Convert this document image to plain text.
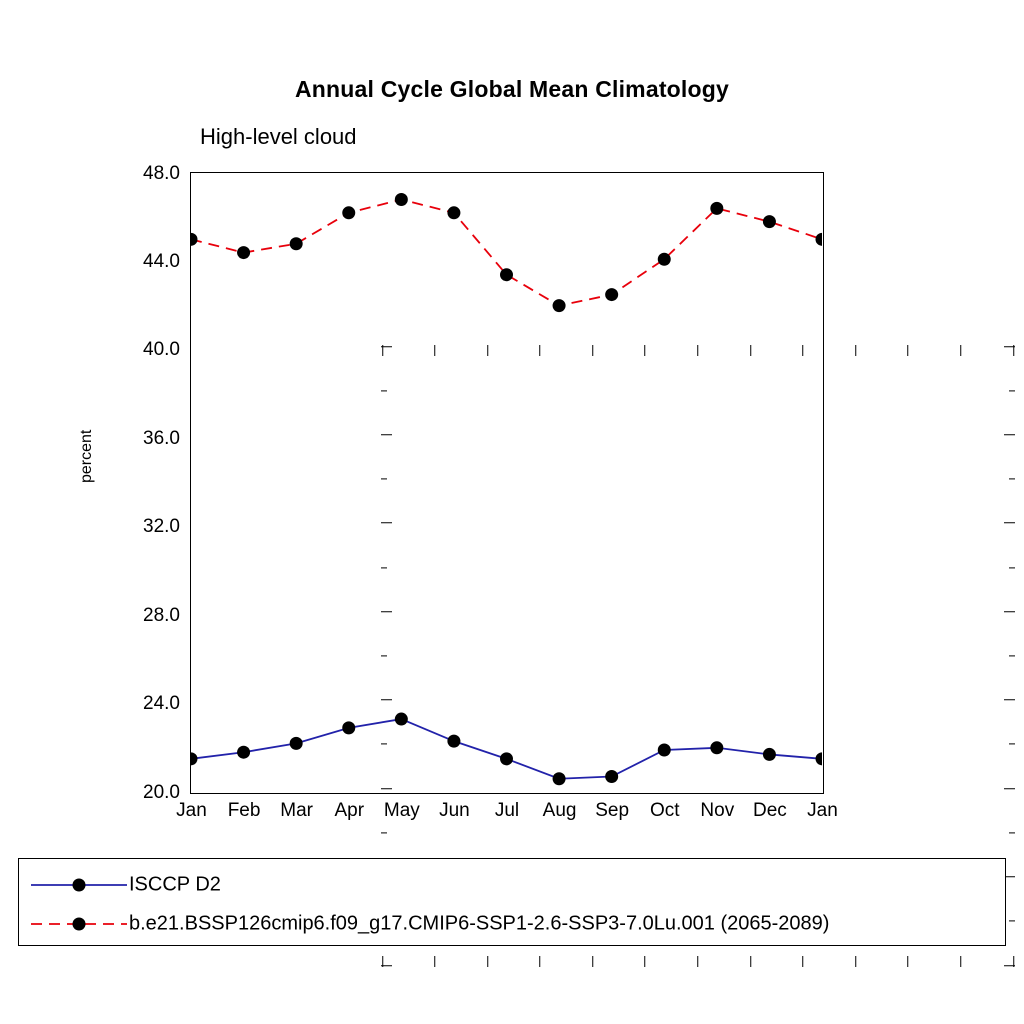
Annual Cycle Global Mean Climatology
High-level cloud
percent
20.0
24.0
28.0
32.0
36.0
40.0
44.0
48.0
Jan Feb Mar Apr May Jun Jul Aug Sep Oct Nov Dec Jan
ISCCP D2
b.e21.BSSP126cmip6.f09_g17.CMIP6-SSP1-2.6-SSP3-7.0Lu.001 (2065-2089)
